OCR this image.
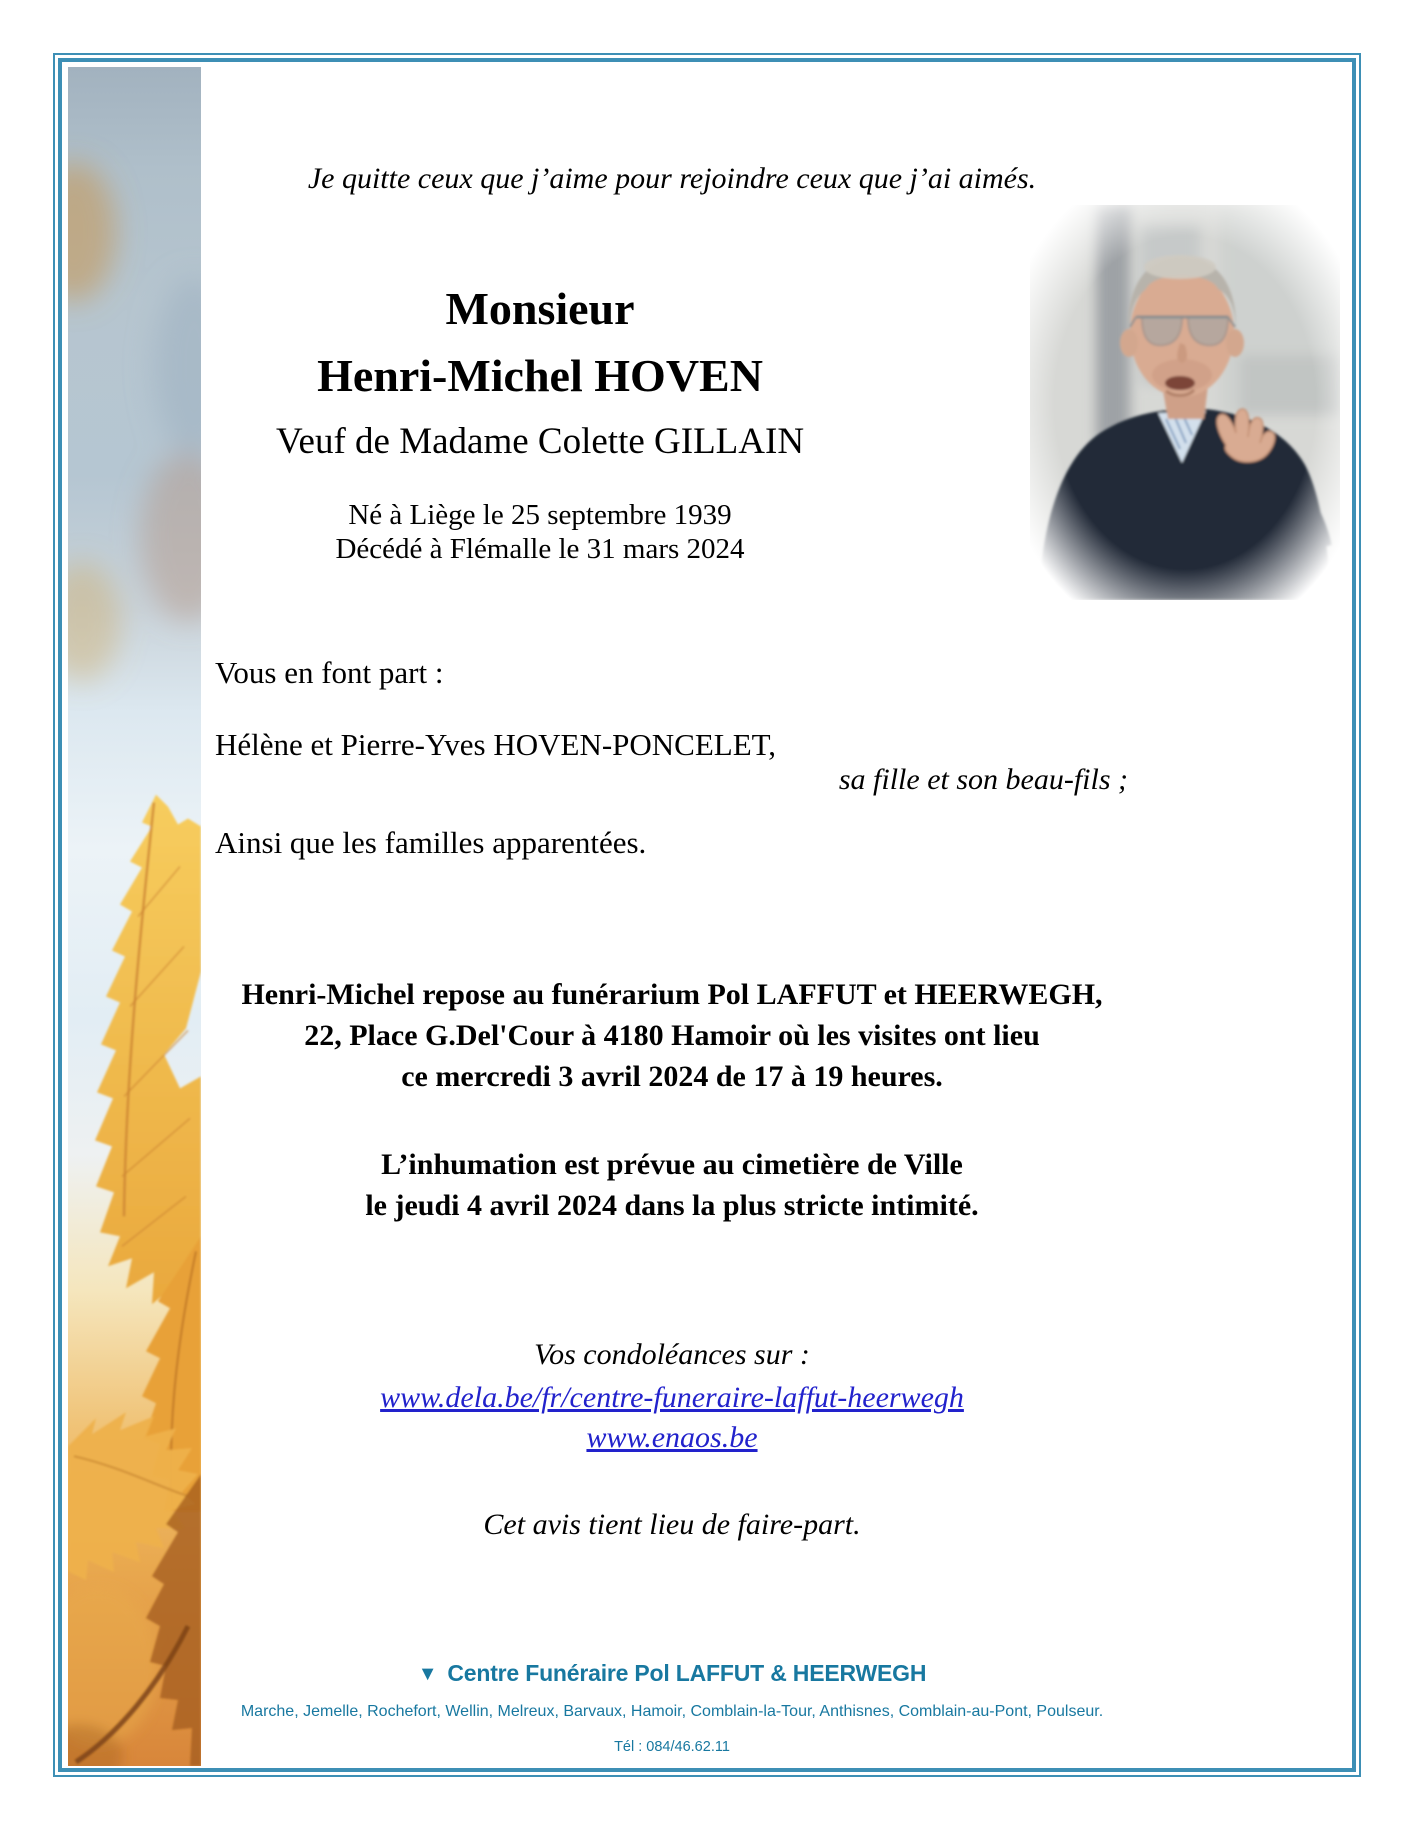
Je quitte ceux que j’aime pour rejoindre ceux que j’ai aimés.
Monsieur
Henri-Michel HOVEN
Veuf de Madame Colette GILLAIN
Né à Liège le 25 septembre 1939
Décédé à Flémalle le 31 mars 2024
Vous en font part :
Hélène et Pierre-Yves HOVEN-PONCELET,
sa fille et son beau-fils ;
Ainsi que les familles apparentées.
Henri-Michel repose au funérarium Pol LAFFUT et HEERWEGH,
22, Place G.Del'Cour à 4180 Hamoir où les visites ont lieu
ce mercredi 3 avril 2024 de 17 à 19 heures.
L’inhumation est prévue au cimetière de Ville
le jeudi 4 avril 2024 dans la plus stricte intimité.
Vos condoléances sur :
www.dela.be/fr/centre-funeraire-laffut-heerwegh
www.enaos.be
Cet avis tient lieu de faire-part.
▼ Centre Funéraire Pol LAFFUT & HEERWEGH
Marche, Jemelle, Rochefort, Wellin, Melreux, Barvaux, Hamoir, Comblain-la-Tour, Anthisnes, Comblain-au-Pont, Poulseur.
Tél : 084/46.62.11
